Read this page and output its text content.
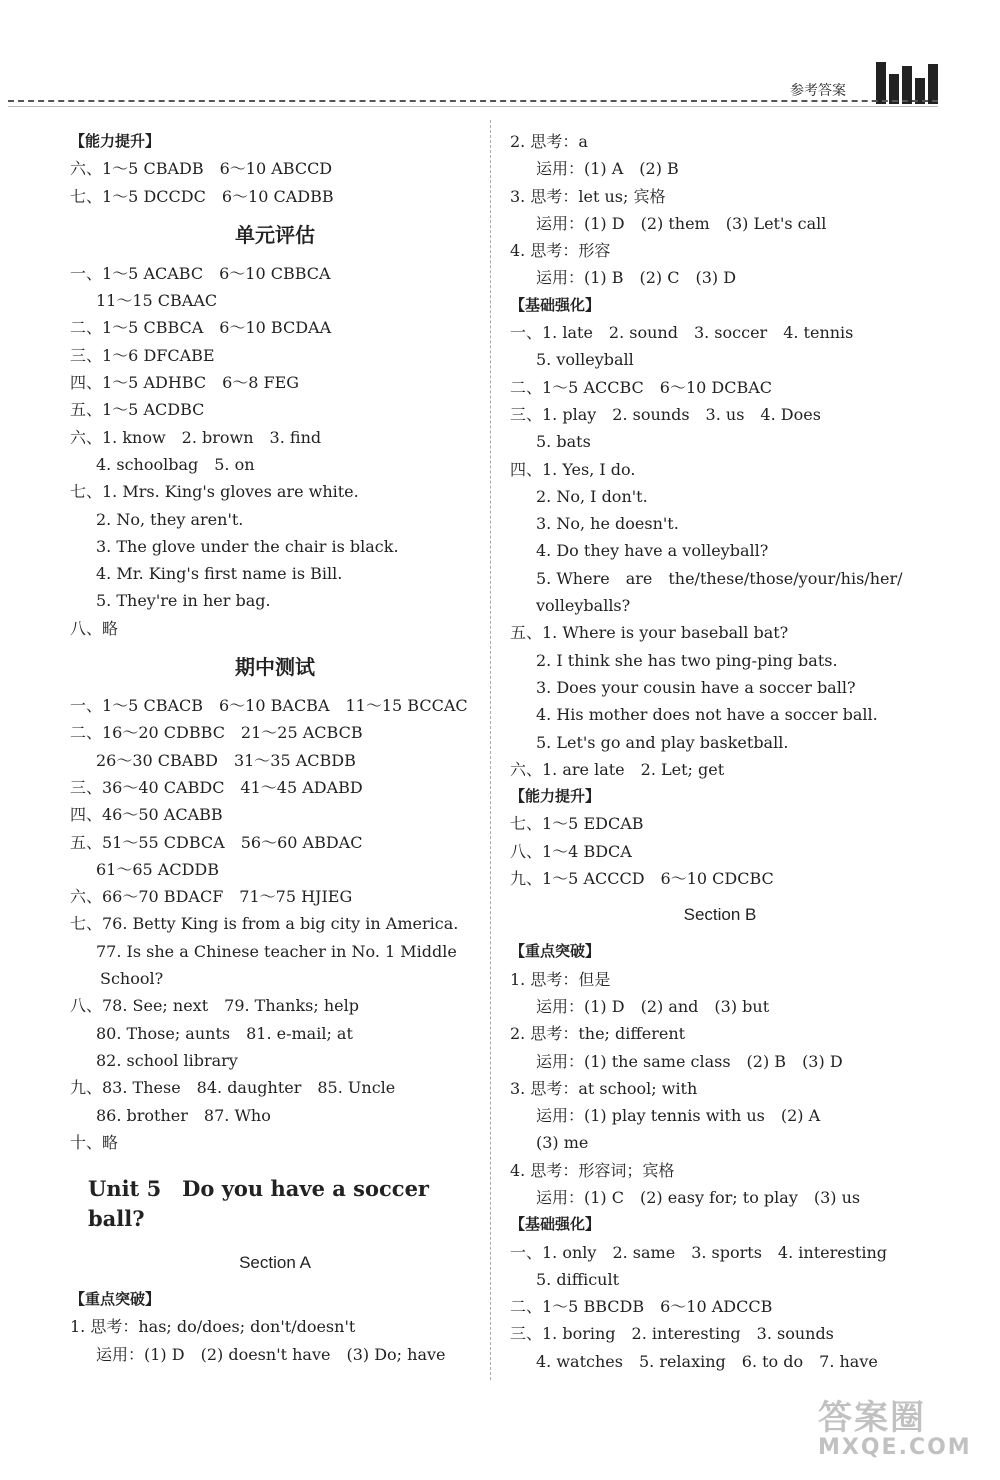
参考答案
【能力提升】
六、1～5 CBADB　6～10 ABCCD
七、1～5 DCCDC　6～10 CADBB
单元评估
一、1～5 ACABC　6～10 CBBCA
11～15 CBAAC
二、1～5 CBBCA　6～10 BCDAA
三、1～6 DFCABE
四、1～5 ADHBC　6～8 FEG
五、1～5 ACDBC
六、1. know　2. brown　3. find
4. schoolbag　5. on
七、1. Mrs. King's gloves are white.
2. No, they aren't.
3. The glove under the chair is black.
4. Mr. King's first name is Bill.
5. They're in her bag.
八、略
期中测试
一、1～5 CBACB　6～10 BACBA　11～15 BCCAC
二、16～20 CDBBC　21～25 ACBCB
26～30 CBABD　31～35 ACBDB
三、36～40 CABDC　41～45 ADABD
四、46～50 ACABB
五、51～55 CDBCA　56～60 ABDAC
61～65 ACDDB
六、66～70 BDACF　71～75 HJIEG
七、76. Betty King is from a big city in America.
77. Is she a Chinese teacher in No. 1 Middle
School?
八、78. See; next　79. Thanks; help
80. Those; aunts　81. e-mail; at
82. school library
九、83. These　84. daughter　85. Uncle
86. brother　87. Who
十、略
Unit 5　Do you have a soccer ball?
Section A
【重点突破】
1. 思考：has; do/does; don't/doesn't
运用：(1) D　(2) doesn't have　(3) Do; have
2. 思考：a
运用：(1) A　(2) B
3. 思考：let us; 宾格
运用：(1) D　(2) them　(3) Let's call
4. 思考：形容
运用：(1) B　(2) C　(3) D
【基础强化】
一、1. late　2. sound　3. soccer　4. tennis
5. volleyball
二、1～5 ACCBC　6～10 DCBAC
三、1. play　2. sounds　3. us　4. Does
5. bats
四、1. Yes, I do.
2. No, I don't.
3. No, he doesn't.
4. Do they have a volleyball?
5. Where　are　the/these/those/your/his/her/
volleyballs?
五、1. Where is your baseball bat?
2. I think she has two ping-ping bats.
3. Does your cousin have a soccer ball?
4. His mother does not have a soccer ball.
5. Let's go and play basketball.
六、1. are late　2. Let; get
【能力提升】
七、1～5 EDCAB
八、1～4 BDCA
九、1～5 ACCCD　6～10 CDCBC
Section B
【重点突破】
1. 思考：但是
运用：(1) D　(2) and　(3) but
2. 思考：the; different
运用：(1) the same class　(2) B　(3) D
3. 思考：at school; with
运用：(1) play tennis with us　(2) A
(3) me
4. 思考：形容词；宾格
运用：(1) C　(2) easy for; to play　(3) us
【基础强化】
一、1. only　2. same　3. sports　4. interesting
5. difficult
二、1～5 BBCDB　6～10 ADCCB
三、1. boring　2. interesting　3. sounds
4. watches　5. relaxing　6. to do　7. have
答案圈
MXQE.COM
